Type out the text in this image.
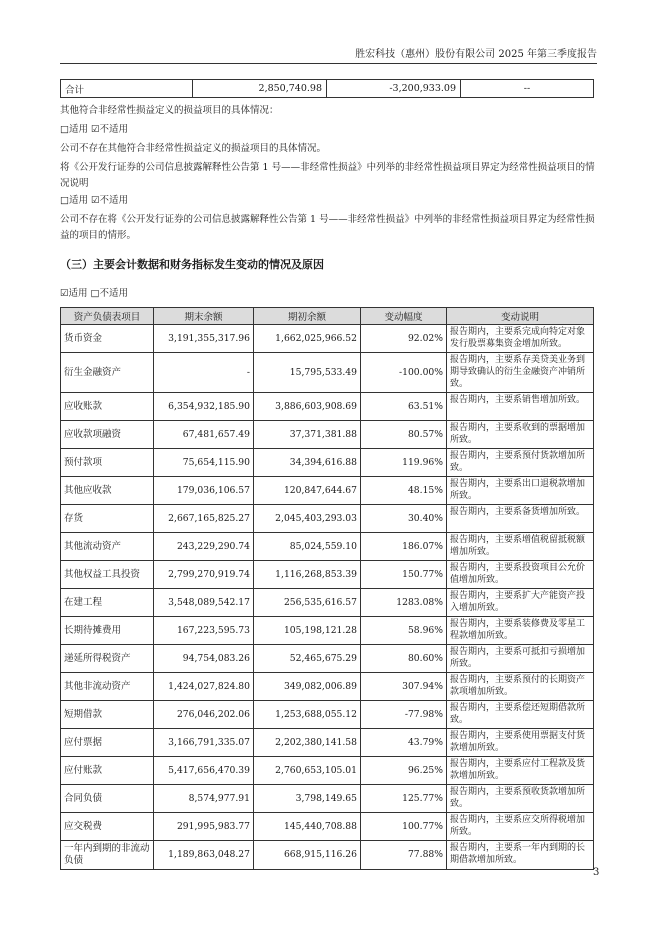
胜宏科技（惠州）股份有限公司 2025 年第三季度报告
合计	2,850,740.98	-3,200,933.09	--
其他符合非经常性损益定义的损益项目的具体情况：
□适用 ☑不适用
公司不存在其他符合非经常性损益定义的损益项目的具体情况。
将《公开发行证券的公司信息披露解释性公告第 1 号——非经常性损益》中列举的非经常性损益项目界定为经常性损益项目的情况说明
□适用 ☑不适用
公司不存在将《公开发行证券的公司信息披露解释性公告第 1 号——非经常性损益》中列举的非经常性损益项目界定为经常性损益的项目的情形。
（三）主要会计数据和财务指标发生变动的情况及原因
☑适用 □不适用
资产负债表项目	期末余额	期初余额	变动幅度	变动说明
货币资金	3,191,355,317.96	1,662,025,966.52	92.02%	报告期内，主要系完成向特定对象发行股票募集资金增加所致。
衍生金融资产	-	15,795,533.49	-100.00%	报告期内，主要系存美贷美业务到期导致确认的衍生金融资产冲销所致。
应收账款	6,354,932,185.90	3,886,603,908.69	63.51%	报告期内，主要系销售增加所致。
应收款项融资	67,481,657.49	37,371,381.88	80.57%	报告期内，主要系收到的票据增加所致。
预付款项	75,654,115.90	34,394,616.88	119.96%	报告期内，主要系预付货款增加所致。
其他应收款	179,036,106.57	120,847,644.67	48.15%	报告期内，主要系出口退税款增加所致。
存货	2,667,165,825.27	2,045,403,293.03	30.40%	报告期内，主要系备货增加所致。
其他流动资产	243,229,290.74	85,024,559.10	186.07%	报告期内，主要系增值税留抵税额增加所致。
其他权益工具投资	2,799,270,919.74	1,116,268,853.39	150.77%	报告期内，主要系投资项目公允价值增加所致。
在建工程	3,548,089,542.17	256,535,616.57	1283.08%	报告期内，主要系扩大产能资产投入增加所致。
长期待摊费用	167,223,595.73	105,198,121.28	58.96%	报告期内，主要系装修费及零星工程款增加所致。
递延所得税资产	94,754,083.26	52,465,675.29	80.60%	报告期内，主要系可抵扣亏损增加所致。
其他非流动资产	1,424,027,824.80	349,082,006.89	307.94%	报告期内，主要系预付的长期资产款项增加所致。
短期借款	276,046,202.06	1,253,688,055.12	-77.98%	报告期内，主要系偿还短期借款所致。
应付票据	3,166,791,335.07	2,202,380,141.58	43.79%	报告期内，主要系使用票据支付货款增加所致。
应付账款	5,417,656,470.39	2,760,653,105.01	96.25%	报告期内，主要系应付工程款及货款增加所致。
合同负债	8,574,977.91	3,798,149.65	125.77%	报告期内，主要系预收货款增加所致。
应交税费	291,995,983.77	145,440,708.88	100.77%	报告期内，主要系应交所得税增加所致。
一年内到期的非流动负债	1,189,863,048.27	668,915,116.26	77.88%	报告期内，主要系一年内到期的长期借款增加所致。
3
